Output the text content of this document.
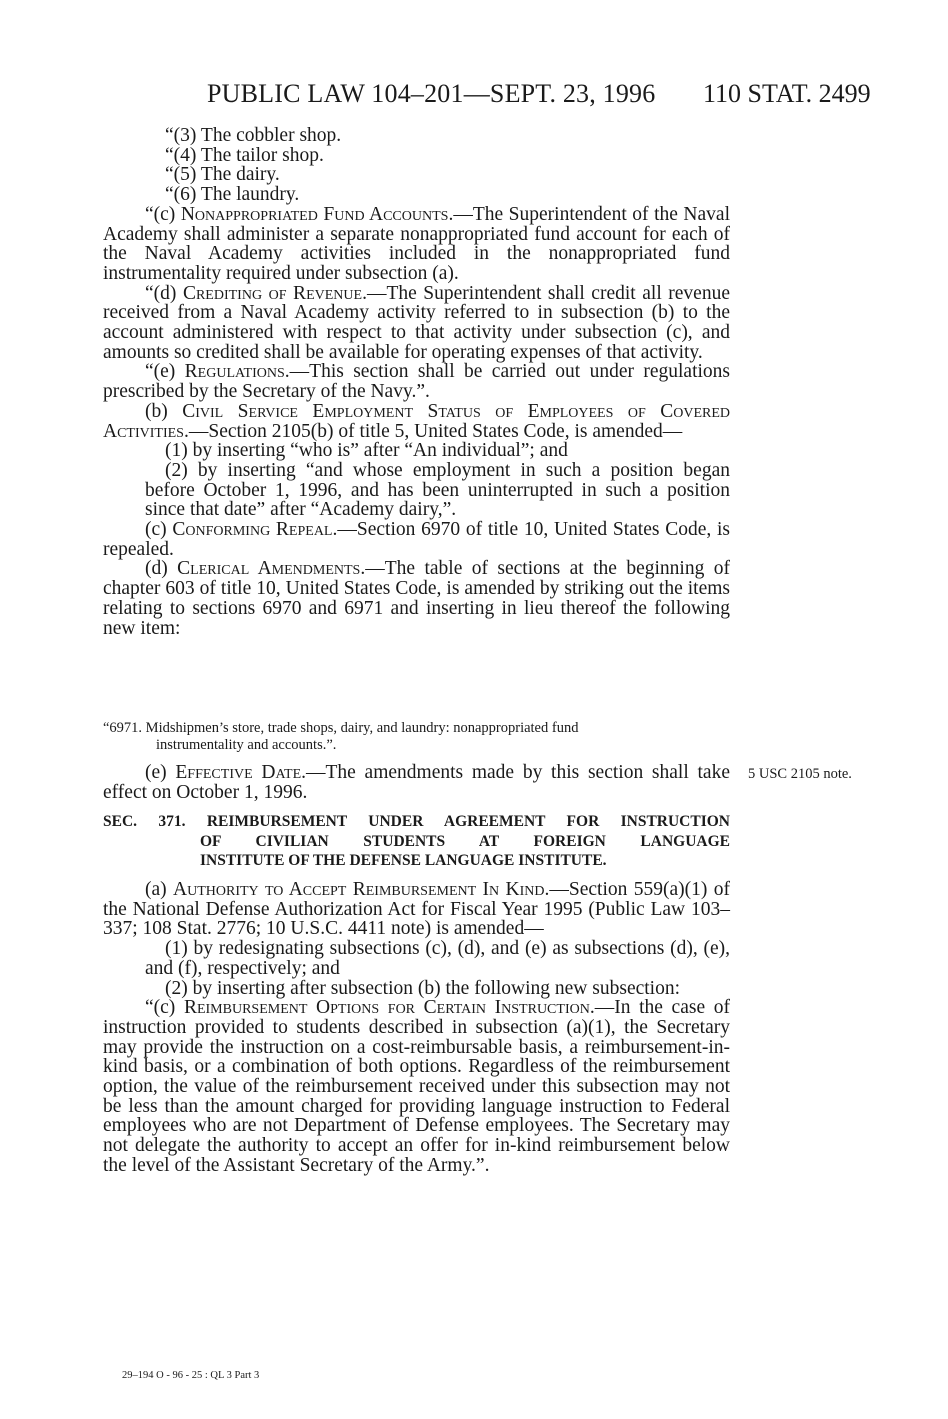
PUBLIC LAW 104–201—SEPT. 23, 1996 110 STAT. 2499

“(3) The cobbler shop.

“(4) The tailor shop.

“(5) The dairy.

“(6) The laundry.

“(c) Nonappropriated Fund Accounts.—The Superintendent of the Naval Academy shall administer a separate nonappropriated fund account for each of the Naval Academy activities included in the nonappropriated fund instrumentality required under subsection (a).

“(d) Crediting of Revenue.—The Superintendent shall credit all revenue received from a Naval Academy activity referred to in subsection (b) to the account administered with respect to that activity under subsection (c), and amounts so credited shall be available for operating expenses of that activity.

“(e) Regulations.—This section shall be carried out under regulations prescribed by the Secretary of the Navy.”.

(b) Civil Service Employment Status of Employees of Covered Activities.—Section 2105(b) of title 5, United States Code, is amended—

(1) by inserting “who is” after “An individual”; and

(2) by inserting “and whose employment in such a position began before October 1, 1996, and has been uninterrupted in such a position since that date” after “Academy dairy,”.

(c) Conforming Repeal.—Section 6970 of title 10, United States Code, is repealed.

(d) Clerical Amendments.—The table of sections at the beginning of chapter 603 of title 10, United States Code, is amended by striking out the items relating to sections 6970 and 6971 and inserting in lieu thereof the following new item:

“6971. Midshipmen’s store, trade shops, dairy, and laundry: nonappropriated fund
instrumentality and accounts.”.

(e) Effective Date.—The amendments made by this section shall take effect on October 1, 1996.

5 USC 2105 note.
SEC. 371. REIMBURSEMENT UNDER AGREEMENT FOR INSTRUCTION
OF CIVILIAN STUDENTS AT FOREIGN LANGUAGE
INSTITUTE OF THE DEFENSE LANGUAGE INSTITUTE.

(a) Authority to Accept Reimbursement In Kind.—Section 559(a)(1) of the National Defense Authorization Act for Fiscal Year 1995 (Public Law 103–337; 108 Stat. 2776; 10 U.S.C. 4411 note) is amended—

(1) by redesignating subsections (c), (d), and (e) as subsections (d), (e), and (f), respectively; and

(2) by inserting after subsection (b) the following new subsection:

“(c) Reimbursement Options for Certain Instruction.—In the case of instruction provided to students described in subsection (a)(1), the Secretary may provide the instruction on a cost-reimbursable basis, a reimbursement-in-kind basis, or a combination of both options. Regardless of the reimbursement option, the value of the reimbursement received under this subsection may not be less than the amount charged for providing language instruction to Federal employees who are not Department of Defense employees. The Secretary may not delegate the authority to accept an offer for in-kind reimbursement below the level of the Assistant Secretary of the Army.”.

29–194 O - 96 - 25 : QL 3 Part 3
